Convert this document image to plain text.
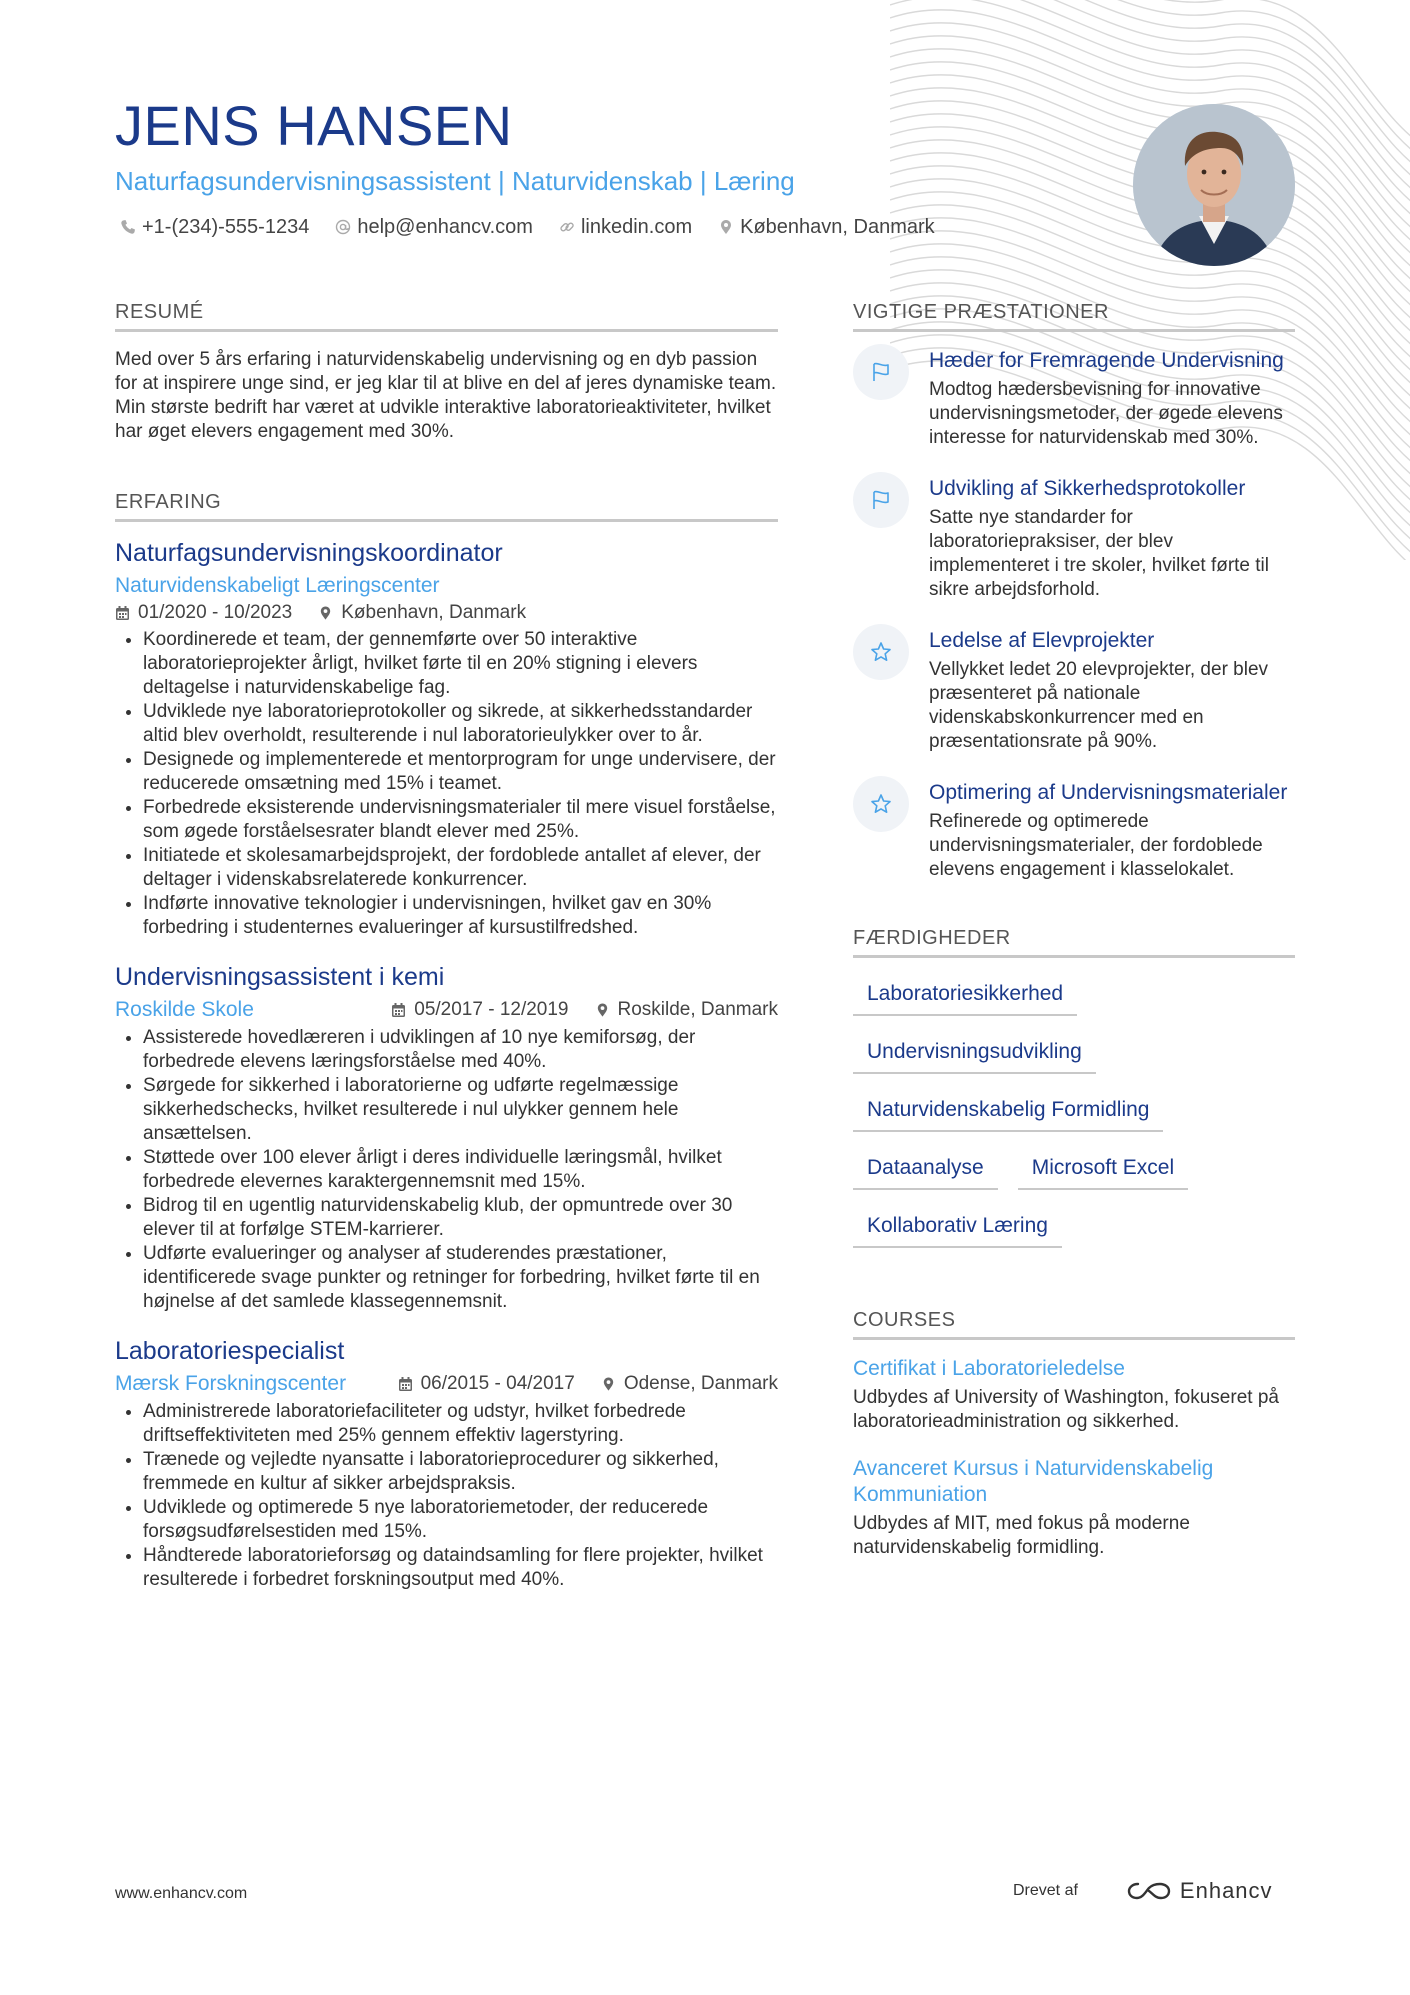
JENS HANSEN
Naturfagsundervisningsassistent | Naturvidenskab | Læring
+1-(234)-555-1234 help@enhancv.com linkedin.com København, Danmark
RESUMÉ

Med over 5 års erfaring i naturvidenskabelig undervisning og en dyb passion for at inspirere unge sind, er jeg klar til at blive en del af jeres dynamiske team. Min største bedrift har været at udvikle interaktive laboratorieaktiviteter, hvilket har øget elevers engagement med 30%.

ERFARING
Naturfagsundervisningskoordinator
Naturvidenskabeligt Læringscenter
01/2020 - 10/2023	København, Danmark
• Koordinerede et team, der gennemførte over 50 interaktive laboratorieprojekter årligt, hvilket førte til en 20% stigning i elevers deltagelse i naturvidenskabelige fag.
• Udviklede nye laboratorieprotokoller og sikrede, at sikkerhedsstandarder altid blev overholdt, resulterende i nul laboratorieulykker over to år.
• Designede og implementerede et mentorprogram for unge undervisere, der reducerede omsætning med 15% i teamet.
• Forbedrede eksisterende undervisningsmaterialer til mere visuel forståelse, som øgede forståelsesrater blandt elever med 25%.
• Initiatede et skolesamarbejdsprojekt, der fordoblede antallet af elever, der deltager i videnskabsrelaterede konkurrencer.
• Indførte innovative teknologier i undervisningen, hvilket gav en 30% forbedring i studenternes evalueringer af kursustilfredshed.
Undervisningsassistent i kemi
Roskilde Skole	05/2017 - 12/2019	Roskilde, Danmark
• Assisterede hovedlæreren i udviklingen af 10 nye kemiforsøg, der forbedrede elevens læringsforståelse med 40%.
• Sørgede for sikkerhed i laboratorierne og udførte regelmæssige sikkerhedschecks, hvilket resulterede i nul ulykker gennem hele ansættelsen.
• Støttede over 100 elever årligt i deres individuelle læringsmål, hvilket forbedrede elevernes karaktergennemsnit med 15%.
• Bidrog til en ugentlig naturvidenskabelig klub, der opmuntrede over 30 elever til at forfølge STEM-karrierer.
• Udførte evalueringer og analyser af studerendes præstationer, identificerede svage punkter og retninger for forbedring, hvilket førte til en højnelse af det samlede klassegennemsnit.
Laboratoriespecialist
Mærsk Forskningscenter	06/2015 - 04/2017	Odense, Danmark
• Administrerede laboratoriefaciliteter og udstyr, hvilket forbedrede driftseffektiviteten med 25% gennem effektiv lagerstyring.
• Trænede og vejledte nyansatte i laboratorieprocedurer og sikkerhed, fremmede en kultur af sikker arbejdspraksis.
• Udviklede og optimerede 5 nye laboratoriemetoder, der reducerede forsøgsudførelsestiden med 15%.
• Håndterede laboratorieforsøg og dataindsamling for flere projekter, hvilket resulterede i forbedret forskningsoutput med 40%.
VIGTIGE PRÆSTATIONER
Hæder for Fremragende Undervisning
Modtog hædersbevisning for innovative undervisningsmetoder, der øgede elevens interesse for naturvidenskab med 30%.
Udvikling af Sikkerhedsprotokoller
Satte nye standarder for laboratoriepraksiser, der blev implementeret i tre skoler, hvilket førte til sikre arbejdsforhold.
Ledelse af Elevprojekter
Vellykket ledet 20 elevprojekter, der blev præsenteret på nationale videnskabskonkurrencer med en præsentationsrate på 90%.
Optimering af Undervisningsmaterialer
Refinerede og optimerede undervisningsmaterialer, der fordoblede elevens engagement i klasselokalet.
FÆRDIGHEDER
Laboratoriesikkerhed
Undervisningsudvikling
Naturvidenskabelig Formidling
Dataanalyse	Microsoft Excel
Kollaborativ Læring
COURSES
Certifikat i Laboratorieledelse
Udbydes af University of Washington, fokuseret på laboratorieadministration og sikkerhed.
Avanceret Kursus i Naturvidenskabelig Kommuniation
Udbydes af MIT, med fokus på moderne naturvidenskabelig formidling.
www.enhancv.com	Drevet af	Enhancv
